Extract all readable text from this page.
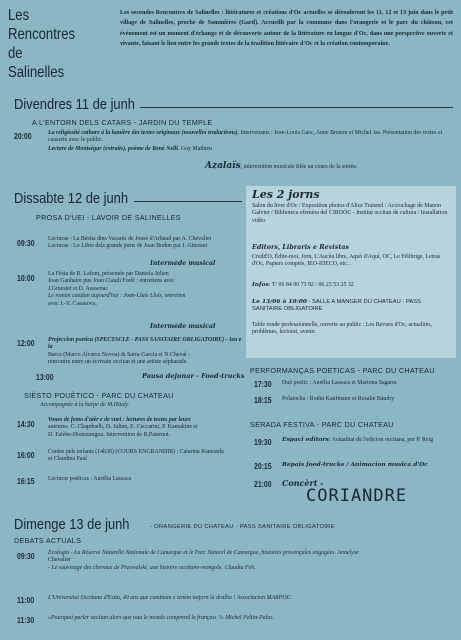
Les
Rencontres de
Salinelles
Les secondes Rencontres de Salinelles : littératures et créations d'Oc actuelles se dérouleront les 11, 12 et 13 juin dans le petit village de Salinelles, proche de Sommières (Gard). Accueilli par la commune dans l'orangerie et le parc du château, cet événement est un moment d'échange et de découverte autour de la littérature en langue d'Oc, dans une perspective ouverte et vivante, faisant le lien entre les grands textes de la tradition littéraire d'Oc et la création contemporaine.
Divendres 11 de junh
A L'ENTORN DELS CATARS - JARDIN DU TEMPLE
20:00	La religiosité cathare à la lumière des textes originaux (nouvelles traductions). Intervenants : Jean-Louis Gasc, Anne Brenon et Michel Jas. Présentation des textes et causerie avec le public.
Lecture de Montségur (extraits), poème de René Nelli. Guy Mathieu
Azalaïs, intervention musicale filée au cours de la soirée.
Dissabte 12 de junh
PROSA D'UEI - LAVOIR DE SALINELLES
09:30 Lecturas - La Bèstia dins Vacarés de Jousè d'Arbaud par A. Chevalier
Lecturas - Lo Libre dels grands jorns de Joan Bodon par J. Ginestet
Intermède musical
10:00 La Fèsta de R. Lafont, présentée par Daniela Julien
Joan Ganhaire pus Joan Claudi Forêt : entretiens avec
J.Ginestet et D. Aussenac
Le roman catalan aujourd'hui : Joan-Lluís Lluís, entretien
avec J.-Y. Casanova.
Intermède musical
12:00 Projeccion poetica (SPECTACLE - PASS SANITAIRE OBLIGATOIRE) - Ieu e la
Barca (Marco Alvarez Novoa) & Sarra-Garcia et N.Cheval -
rencontre entre un écrivain occitan et une artiste sépharade.
13:00	Pausa dejunar - Food-trucks
SIÈSTO POUÈTICO - PARC DU CHATEAU
Accompagnée à la harpe de M.Hitaly
14:30 Voues de femo d'aièr e de vuei : lectures de textes par leurs
auteures. C. Chapduelh, D. Julien, E. Ceccarini, P. Kamakine et
D. Estèbe-Hourstangou. Intervention de B.Paternot.
16:00 Contes pels enfants (14h30) (COURS ENGRANDIR) : Catarina Ramonda
et Claudina Paul
16:15 Lecturas poeticas : Aurélia Lassaca
Les 2 jorns
Salon du livre d'Oc / Exposition photos d'Alice Traisnel / Accrochage de Manon Galvier / Biblioteca efemèra del CIRDÒC - Institut occitan de cultura / Installation vidèo
Editors, Libraris e Revistas
Credd'O, Édite-moi, Jorn, L'Aucèu libre, Aquò d'Aquí, OC, Le Félibrige, Letras d'Oc, Papiers comptés, IEO-IDECO, etc...
Infos: T/ 06 84 90 73 92 / 06 23 53 25 32
Le 13/06 à 10:00 - SALLE A MANGER DU CHATEAU - PASS SANITAIRE OBLIGATOIRE
Table ronde professionnelle, ouverte au public : Les Revues d'Oc, actualités, problèmes, lectorat, avenir.
PERFORMANÇAS POETICAS - PARC DU CHATEAU
17:30 Duò poetic : Aurélia Lassaca et Mariona Sagarra
18:15 Polatocha : Rodin Kaufmann et Rosalie Baudry
SERADA FESTIVA - PARC DU CHATEAU
19:30 Espaci editors: Actualitat de l'edicion occitana, per P. Reig
20:15 Repais food-trucks / Animacion musica d'Oc
21:00 Concèrt -
CORIANDRE
Dimenge 13 de junh	- ORANGERIE DU CHATEAU - PASS SANITAIRE OBLIGATOIRE
DEBATS ACTUALS
09:30 Ecologia - La Réserve Naturelle Nationale de Camargue et le Parc Naturel de Camargue, histoires provençales engagées. Annelyse
Chevalier
- Le sauvetage des chevaux de Przewalski, une histoire occitano-mongole. Claudia Feh.
11:00 L'Universitat Occitana d'Estiu, 40 ans que caminam e tenèm totjorn la dralha ! Associacion MARPOC.
11:30 «Pourquoi parler occitan alors que tout le monde comprend le français ?» Michel Feltin-Palas.
